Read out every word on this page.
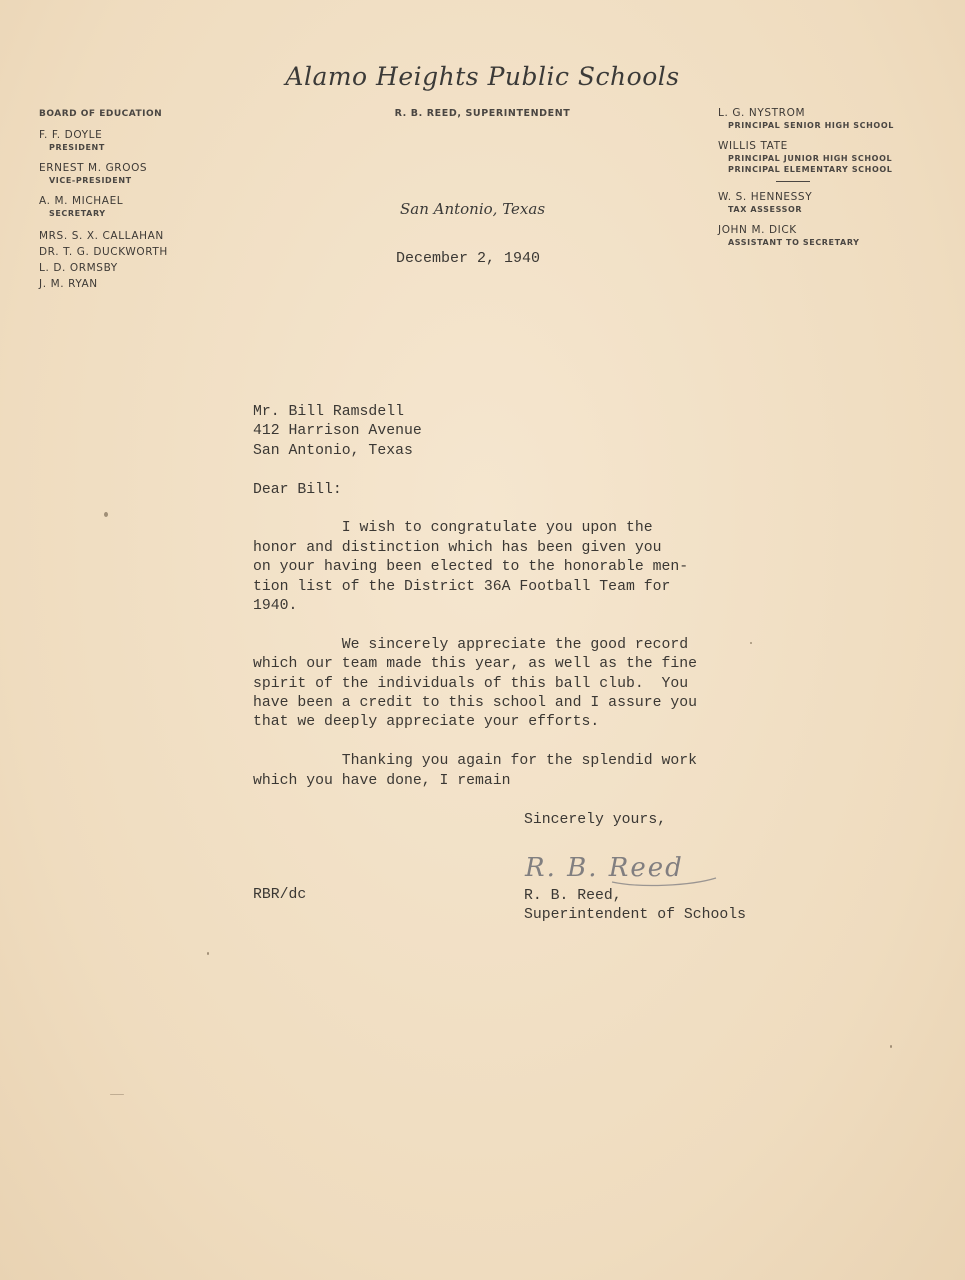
Alamo Heights Public Schools
R. B. REED, SUPERINTENDENT
BOARD OF EDUCATION
F. F. DOYLE
PRESIDENT
ERNEST M. GROOS
VICE-PRESIDENT
A. M. MICHAEL
SECRETARY
MRS. S. X. CALLAHAN
DR. T. G. DUCKWORTH
L. D. ORMSBY
J. M. RYAN
San Antonio, Texas
L. G. NYSTROM
PRINCIPAL SENIOR HIGH SCHOOL
WILLIS TATE
PRINCIPAL JUNIOR HIGH SCHOOL
PRINCIPAL ELEMENTARY SCHOOL
W. S. HENNESSY
TAX ASSESSOR
JOHN M. DICK
ASSISTANT TO SECRETARY
December 2, 1940

Mr. Bill Ramsdell

412 Harrison Avenue

San Antonio, Texas

Dear Bill:

I wish to congratulate you upon the

honor and distinction which has been given you

on your having been elected to the honorable men-

tion list of the District 36A Football Team for

1940.

We sincerely appreciate the good record

which our team made this year, as well as the fine

spirit of the individuals of this ball club.  You

have been a credit to this school and I assure you

that we deeply appreciate your efforts.

Thanking you again for the splendid work

which you have done, I remain

Sincerely yours,
R. B. Reed
R. B. Reed,
Superintendent of Schools
RBR/dc
